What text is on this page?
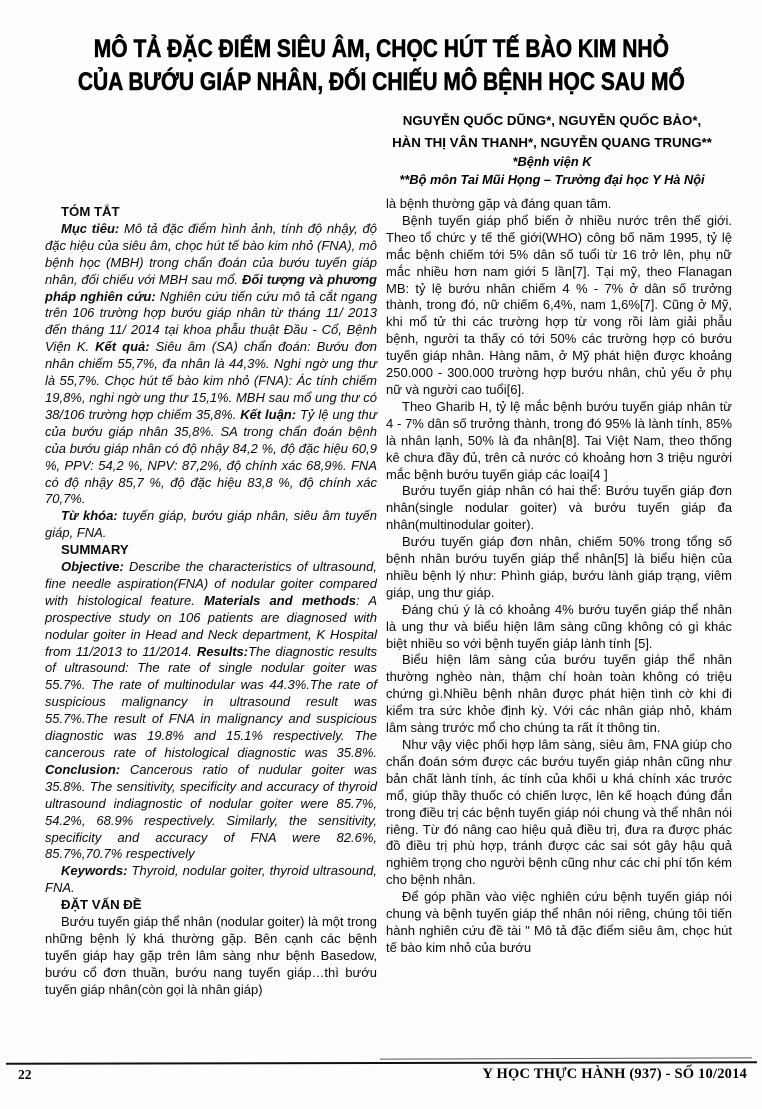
MÔ TẢ ĐẶC ĐIỂM SIÊU ÂM, CHỌC HÚT TẾ BÀO KIM NHỎ
CỦA BƯỚU GIÁP NHÂN, ĐỐI CHIẾU MÔ BỆNH HỌC SAU MỔ
NGUYỄN QUỐC DŨNG*, NGUYỄN QUỐC BẢO*,
HÀN THỊ VÂN THANH*, NGUYỄN QUANG TRUNG**
*Bệnh viện K
**Bộ môn Tai Mũi Họng – Trường đại học Y Hà Nội
TÓM TẮT
Mục tiêu: Mô tả đặc điểm hình ảnh, tính độ nhậy, độ đặc hiệu của siêu âm, chọc hút tế bào kim nhỏ (FNA), mô bệnh học (MBH) trong chẩn đoán của bướu tuyến giáp nhân, đối chiếu với MBH sau mổ. Đối tượng và phương pháp nghiên cứu: Nghiên cứu tiến cứu mô tả cắt ngang trên 106 trường hợp bướu giáp nhân từ tháng 11/ 2013 đến tháng 11/ 2014 tại khoa phẫu thuật Đầu - Cổ, Bệnh Viện K. Kết quả: Siêu âm (SA) chẩn đoán: Bướu đơn nhân chiếm 55,7%, đa nhân là 44,3%. Nghi ngờ ung thư là 55,7%. Chọc hút tế bào kim nhỏ (FNA): Ác tính chiếm 19,8%, nghi ngờ ung thư 15,1%. MBH sau mổ ung thư có 38/106 trường hợp chiếm 35,8%. Kết luận: Tỷ lệ ung thư của bướu giáp nhân 35,8%. SA trong chẩn đoán bệnh của bướu giáp nhân có độ nhậy 84,2 %, độ đặc hiệu 60,9 %, PPV: 54,2 %, NPV: 87,2%, độ chính xác 68,9%. FNA có độ nhậy 85,7 %, độ đặc hiệu 83,8 %, độ chính xác 70,7%.
Từ khóa: tuyến giáp, bướu giáp nhân, siêu âm tuyến giáp, FNA.
SUMMARY
Objective: Describe the characteristics of ultrasound, fine needle aspiration(FNA) of nodular goiter compared with histological feature. Materials and methods: A prospective study on 106 patients are diagnosed with nodular goiter in Head and Neck department, K Hospital from 11/2013 to 11/2014. Results:The diagnostic results of ultrasound: The rate of single nodular goiter was 55.7%. The rate of multinodular was 44.3%.The rate of suspicious malignancy in ultrasound result was 55.7%.The result of FNA in malignancy and suspicious diagnostic was 19.8% and 15.1% respectively. The cancerous rate of histological diagnostic was 35.8%. Conclusion: Cancerous ratio of nudular goiter was 35.8%. The sensitivity, specificity and accuracy of thyroid ultrasound indiagnostic of nodular goiter were 85.7%, 54.2%, 68.9% respectively. Similarly, the sensitivity, specificity and accuracy of FNA were 82.6%, 85.7%,70.7% respectively
Keywords: Thyroid, nodular goiter, thyroid ultrasound, FNA.
ĐẶT VẤN ĐỀ
Bướu tuyến giáp thể nhân (nodular goiter) là một trong những bệnh lý khá thường gặp. Bên cạnh các bệnh tuyến giáp hay gặp trên lâm sàng như bệnh Basedow, bướu cổ đơn thuần, bướu nang tuyến giáp…thì bướu tuyến giáp nhân(còn gọi là nhân giáp)
là bệnh thường gặp và đáng quan tâm.
Bệnh tuyến giáp phổ biến ở nhiều nước trên thế giới. Theo tổ chức y tế thế giới(WHO) công bố năm 1995, tỷ lệ mắc bệnh chiếm tới 5% dân số tuổi từ 16 trở lên, phụ nữ mắc nhiều hơn nam giới 5 lần[7]. Tại mỹ, theo Flanagan MB: tỷ lệ bướu nhân chiếm 4 % - 7% ở dân số trưởng thành, trong đó, nữ chiếm 6,4%, nam 1,6%[7]. Cũng ở Mỹ, khi mổ tử thi các trường hợp từ vong rồi làm giải phẫu bệnh, người ta thấy có tới 50% các trường hợp có bướu tuyến giáp nhân. Hàng năm, ở Mỹ phát hiện được khoảng 250.000 - 300.000 trường hợp bướu nhân, chủ yếu ở phụ nữ và người cao tuổi[6].
Theo Gharib H, tỷ lệ mắc bệnh bướu tuyến giáp nhân từ 4 - 7% dân số trưởng thành, trong đó 95% là lành tính, 85% là nhân lạnh, 50% là đa nhân[8]. Tai Việt Nam, theo thống kê chưa đầy đủ, trên cả nước có khoảng hơn 3 triệu người mắc bệnh bướu tuyến giáp các loại[4 ]
Bướu tuyến giáp nhân có hai thể: Bướu tuyến giáp đơn nhân(single nodular goiter) và bướu tuyến giáp đa nhân(multinodular goiter).
Bướu tuyến giáp đơn nhân, chiếm 50% trong tổng số bệnh nhân bướu tuyến giáp thể nhân[5] là biểu hiện của nhiều bệnh lý như: Phình giáp, bướu lành giáp trạng, viêm giáp, ung thư giáp.
Đáng chú ý là có khoảng 4% bướu tuyến giáp thể nhân là ung thư và biểu hiện lâm sàng cũng không có gì khác biệt nhiều so với bệnh tuyến giáp lành tính [5].
Biểu hiện lâm sàng của bướu tuyến giáp thể nhân thường nghèo nàn, thậm chí hoàn toàn không có triệu chứng gì.Nhiều bệnh nhân được phát hiện tình cờ khi đi kiểm tra sức khỏe định kỳ. Với các nhân giáp nhỏ, khám lâm sàng trước mổ cho chúng ta rất ít thông tin.
Như vậy việc phối hợp lâm sàng, siêu âm, FNA giúp cho chẩn đoán sớm được các bướu tuyến giáp nhân cũng như bản chất lành tính, ác tính của khối u khá chính xác trước mổ, giúp thầy thuốc có chiến lược, lên kế hoạch đúng đắn trong điều trị các bệnh tuyến giáp nói chung và thể nhân nói riêng. Từ đó nâng cao hiệu quả điều trị, đưa ra được phác đồ điều trị phù hợp, tránh được các sai sót gây hậu quả nghiêm trọng cho người bệnh cũng như các chi phí tốn kém cho bệnh nhân.
Để góp phần vào việc nghiên cứu bệnh tuyến giáp nói chung và bệnh tuyến giáp thể nhân nói riêng, chúng tôi tiến hành nghiên cứu đề tài " Mô tả đặc điểm siêu âm, chọc hút tế bào kim nhỏ của bướu
22	Y HỌC THỰC HÀNH (937) - SỐ 10/2014
